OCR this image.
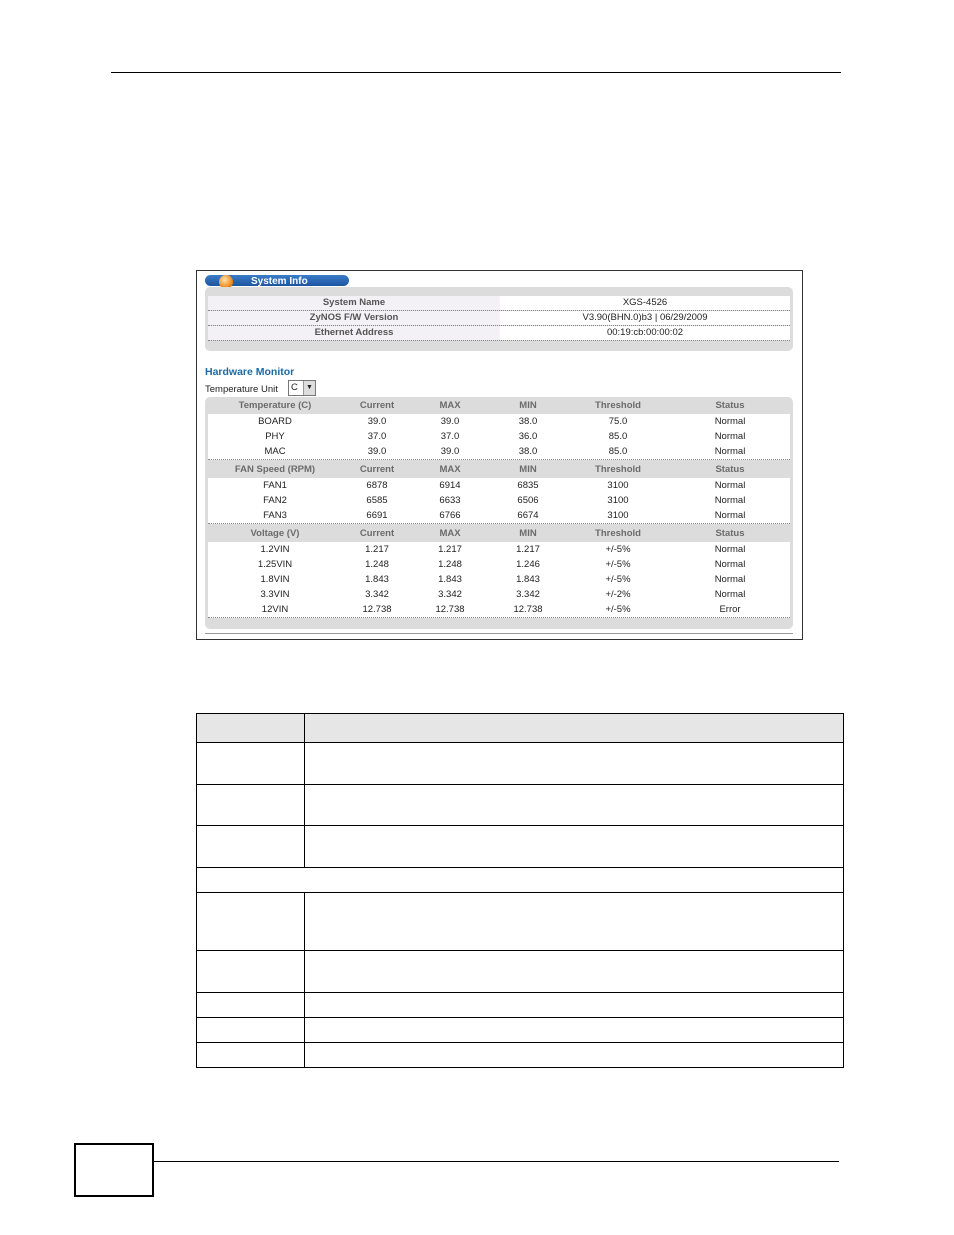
System Info
System Name	XGS-4526
ZyNOS F/W Version	V3.90(BHN.0)b3 | 06/29/2009
Ethernet Address	00:19:cb:00:00:02
Hardware Monitor
Temperature Unit C	▼
Temperature (C)	Current	MAX	MIN	Threshold	Status
BOARD	39.0	39.0	38.0	75.0	Normal
PHY	37.0	37.0	36.0	85.0	Normal
MAC	39.0	39.0	38.0	85.0	Normal
FAN Speed (RPM)	Current	MAX	MIN	Threshold	Status
FAN1	6878	6914	6835	3100	Normal
FAN2	6585	6633	6506	3100	Normal
FAN3	6691	6766	6674	3100	Normal
Voltage (V)	Current	MAX	MIN	Threshold	Status
1.2VIN	1.217	1.217	1.217	+/-5%	Normal
1.25VIN	1.248	1.248	1.246	+/-5%	Normal
1.8VIN	1.843	1.843	1.843	+/-5%	Normal
3.3VIN	3.342	3.342	3.342	+/-2%	Normal
12VIN	12.738	12.738	12.738	+/-5%	Error
